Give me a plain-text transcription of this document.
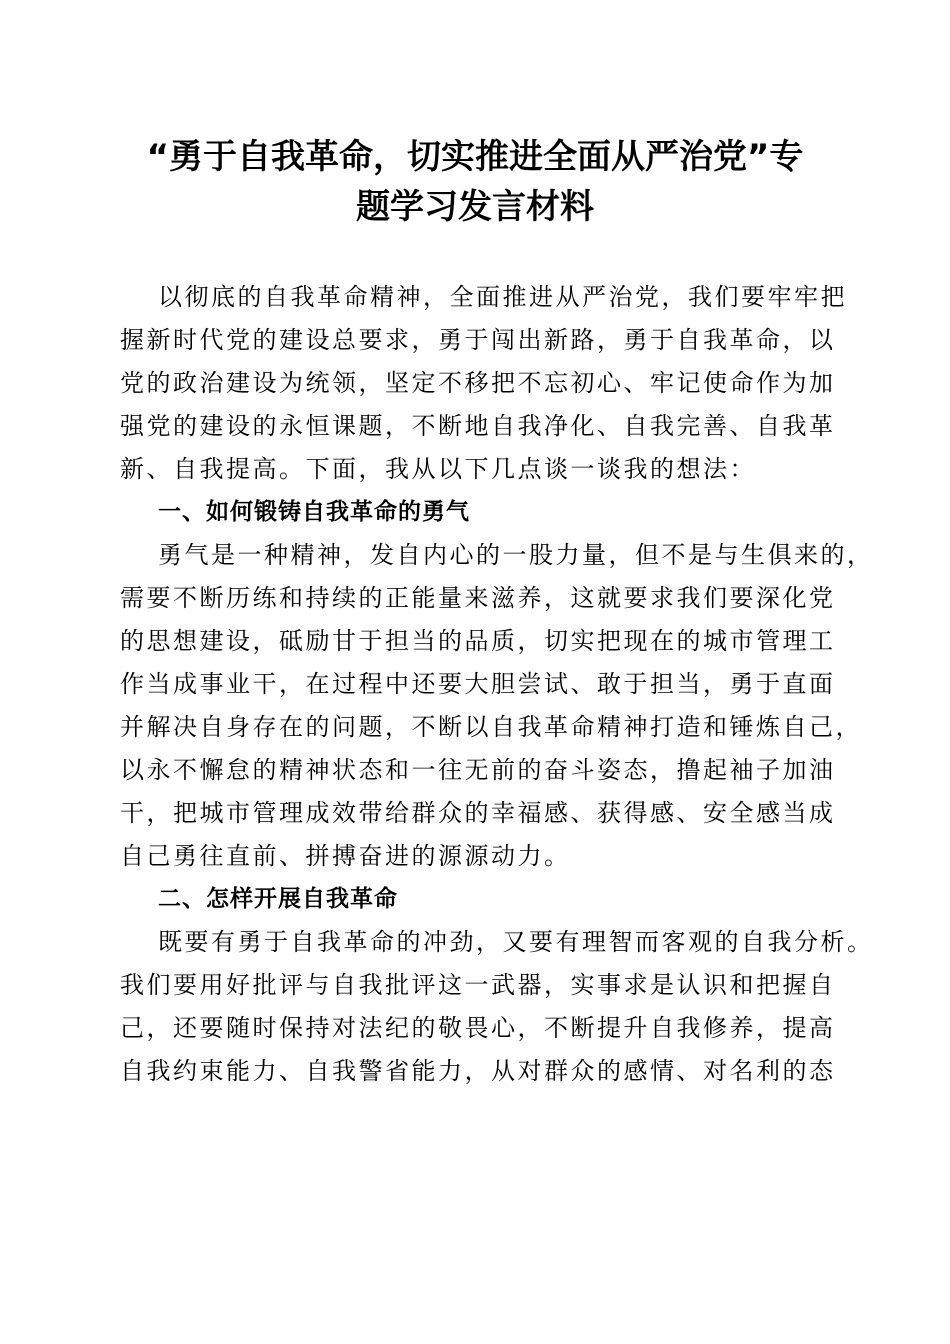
“勇于自我革命，切实推进全面从严治党”专
题学习发言材料

以彻底的自我革命精神，全面推进从严治党，我们要牢牢把
握新时代党的建设总要求，勇于闯出新路，勇于自我革命，以
党的政治建设为统领，坚定不移把不忘初心、牢记使命作为加
强党的建设的永恒课题，不断地自我净化、自我完善、自我革
新、自我提高。下面，我从以下几点谈一谈我的想法：

一、如何锻铸自我革命的勇气

勇气是一种精神，发自内心的一股力量，但不是与生俱来的，
需要不断历练和持续的正能量来滋养，这就要求我们要深化党
的思想建设，砥励甘于担当的品质，切实把现在的城市管理工
作当成事业干，在过程中还要大胆尝试、敢于担当，勇于直面
并解决自身存在的问题，不断以自我革命精神打造和锤炼自己，
以永不懈怠的精神状态和一往无前的奋斗姿态，撸起袖子加油
干，把城市管理成效带给群众的幸福感、获得感、安全感当成
自己勇往直前、拼搏奋进的源源动力。

二、怎样开展自我革命

既要有勇于自我革命的冲劲，又要有理智而客观的自我分析。
我们要用好批评与自我批评这一武器，实事求是认识和把握自
己，还要随时保持对法纪的敬畏心，不断提升自我修养，提高
自我约束能力、自我警省能力，从对群众的感情、对名利的态
